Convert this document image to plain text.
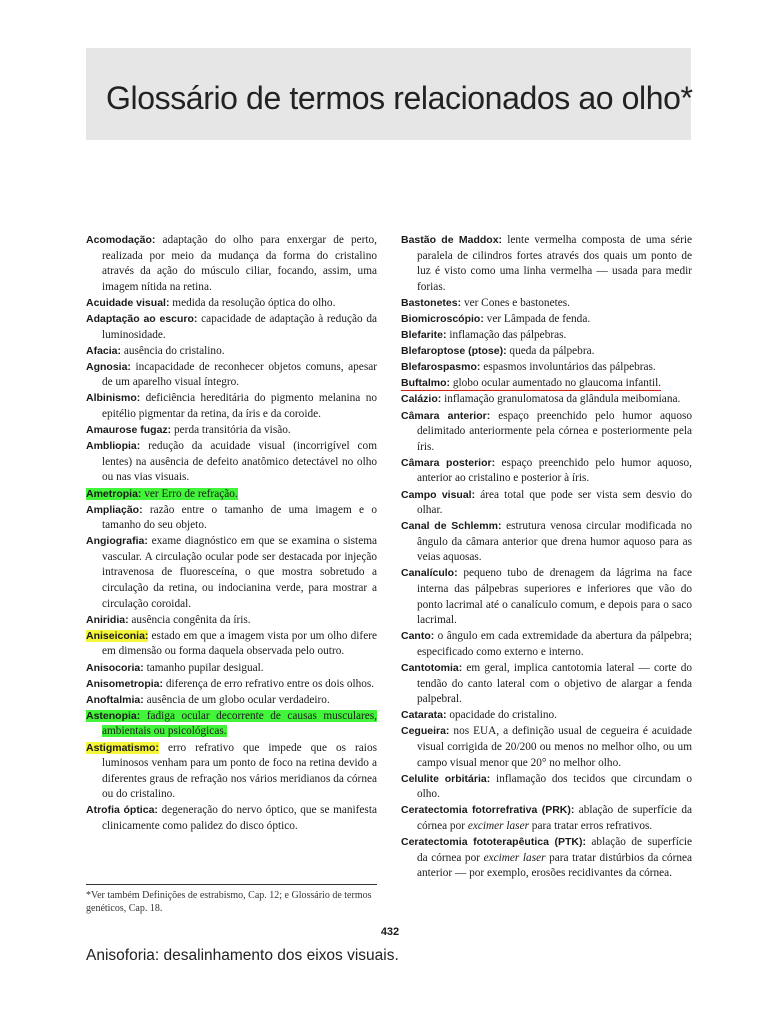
Glossário de termos relacionados ao olho*

Acomodação: adaptação do olho para enxergar de perto, realizada por meio da mudança da forma do cristalino através da ação do músculo ciliar, focando, assim, uma imagem nítida na retina.

Acuidade visual: medida da resolução óptica do olho.

Adaptação ao escuro: capacidade de adaptação à redução da luminosidade.

Afacia: ausência do cristalino.

Agnosia: incapacidade de reconhecer objetos comuns, apesar de um aparelho visual íntegro.

Albinismo: deficiência hereditária do pigmento melanina no epitélio pigmentar da retina, da íris e da coroide.

Amaurose fugaz: perda transitória da visão.

Ambliopia: redução da acuidade visual (incorrigível com lentes) na ausência de defeito anatômico detectável no olho ou nas vias visuais.

Ametropia: ver Erro de refração.

Ampliação: razão entre o tamanho de uma imagem e o tamanho do seu objeto.

Angiografia: exame diagnóstico em que se examina o sistema vascular. A circulação ocular pode ser destacada por injeção intravenosa de fluoresceína, o que mostra sobretudo a circulação da retina, ou indocianina verde, para mostrar a circulação coroidal.

Aniridia: ausência congênita da íris.

Aniseiconia: estado em que a imagem vista por um olho difere em dimensão ou forma daquela observada pelo outro.

Anisocoria: tamanho pupilar desigual.

Anisometropia: diferença de erro refrativo entre os dois olhos.

Anoftalmia: ausência de um globo ocular verdadeiro.

Astenopia: fadiga ocular decorrente de causas musculares, ambientais ou psicológicas.

Astigmatismo: erro refrativo que impede que os raios luminosos venham para um ponto de foco na retina devido a diferentes graus de refração nos vários meridianos da córnea ou do cristalino.

Atrofia óptica: degeneração do nervo óptico, que se manifesta clinicamente como palidez do disco óptico.

Bastão de Maddox: lente vermelha composta de uma série paralela de cilindros fortes através dos quais um ponto de luz é visto como uma linha vermelha — usada para medir forias.

Bastonetes: ver Cones e bastonetes.

Biomicroscópio: ver Lâmpada de fenda.

Blefarite: inflamação das pálpebras.

Blefaroptose (ptose): queda da pálpebra.

Blefarospasmo: espasmos involuntários das pálpebras.

Buftalmo: globo ocular aumentado no glaucoma infantil.

Calázio: inflamação granulomatosa da glândula meibomiana.

Câmara anterior: espaço preenchido pelo humor aquoso delimitado anteriormente pela córnea e posteriormente pela íris.

Câmara posterior: espaço preenchido pelo humor aquoso, anterior ao cristalino e posterior à íris.

Campo visual: área total que pode ser vista sem desvio do olhar.

Canal de Schlemm: estrutura venosa circular modificada no ângulo da câmara anterior que drena humor aquoso para as veias aquosas.

Canalículo: pequeno tubo de drenagem da lágrima na face interna das pálpebras superiores e inferiores que vão do ponto lacrimal até o canalículo comum, e depois para o saco lacrimal.

Canto: o ângulo em cada extremidade da abertura da pálpebra; especificado como externo e interno.

Cantotomia: em geral, implica cantotomia lateral — corte do tendão do canto lateral com o objetivo de alargar a fenda palpebral.

Catarata: opacidade do cristalino.

Cegueira: nos EUA, a definição usual de cegueira é acuidade visual corrigida de 20/200 ou menos no melhor olho, ou um campo visual menor que 20° no melhor olho.

Celulite orbitária: inflamação dos tecidos que circundam o olho.

Ceratectomia fotorrefrativa (PRK): ablação de superfície da córnea por excimer laser para tratar erros refrativos.

Ceratectomia fototerapêutica (PTK): ablação de superfície da córnea por excimer laser para tratar distúrbios da córnea anterior — por exemplo, erosões recidivantes da córnea.

*Ver também Definições de estrabismo, Cap. 12; e Glossário de termos genéticos, Cap. 18.
432
Anisoforia: desalinhamento dos eixos visuais.
